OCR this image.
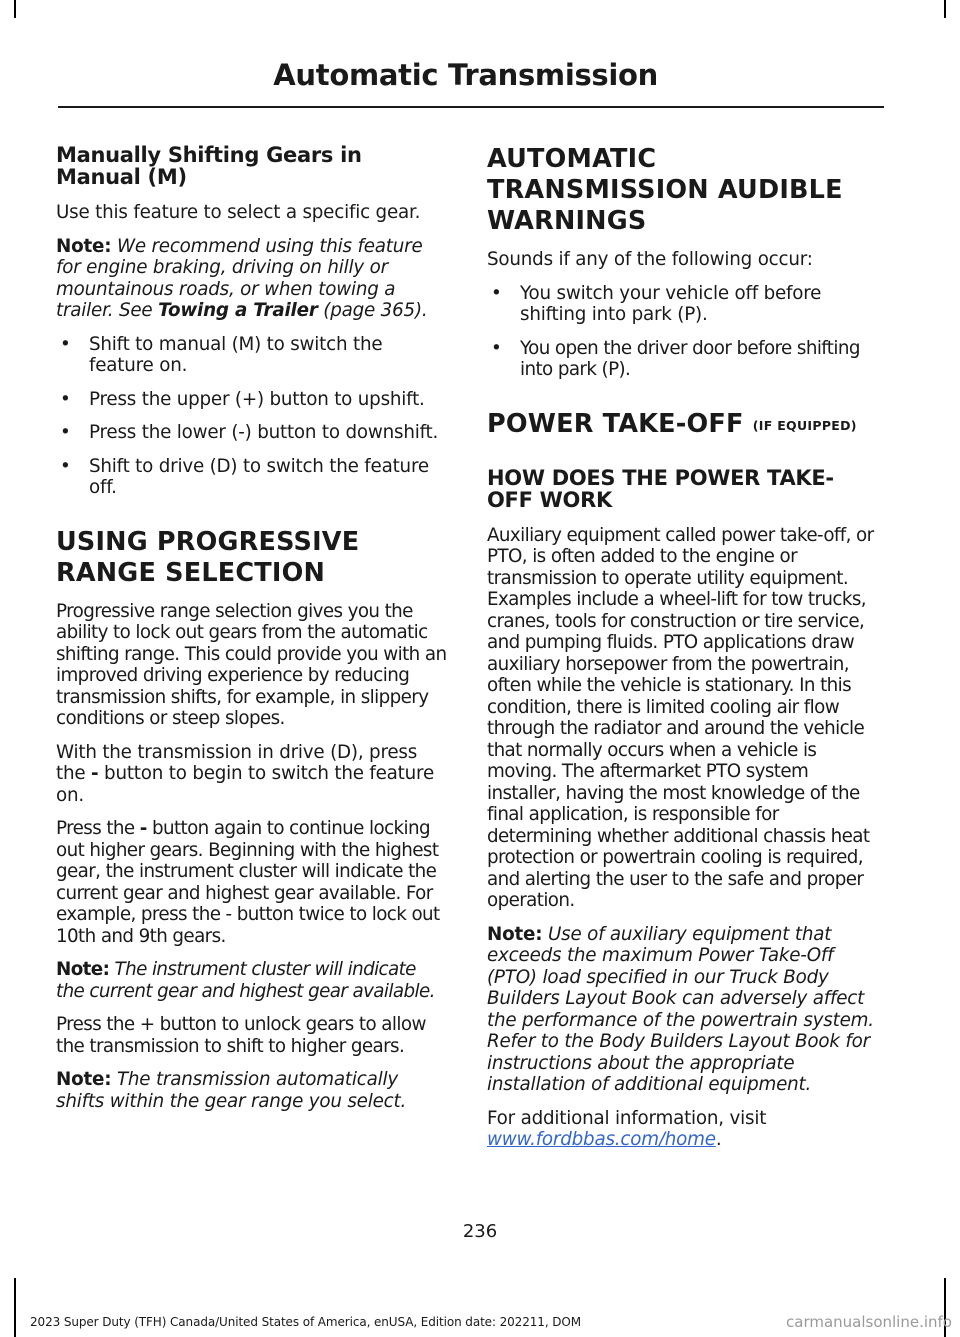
Automatic Transmission
Manually Shifting Gears in Manual (M)

Use this feature to select a specific gear.

Note: We recommend using this feature for engine braking, driving on hilly or mountainous roads, or when towing a trailer. See Towing a Trailer (page 365).

• Shift to manual (M) to switch the feature on.
• Press the upper (+) button to upshift.
• Press the lower (-) button to downshift.
• Shift to drive (D) to switch the feature off.
USING PROGRESSIVE RANGE SELECTION

Progressive range selection gives you the ability to lock out gears from the automatic shifting range. This could provide you with an improved driving experience by reducing transmission shifts, for example, in slippery conditions or steep slopes.

With the transmission in drive (D), press the - button to begin to switch the feature on.

Press the - button again to continue locking out higher gears. Beginning with the highest gear, the instrument cluster will indicate the current gear and highest gear available. For example, press the - button twice to lock out 10th and 9th gears.

Note: The instrument cluster will indicate the current gear and highest gear available.

Press the + button to unlock gears to allow the transmission to shift to higher gears.

Note: The transmission automatically shifts within the gear range you select.

AUTOMATIC TRANSMISSION AUDIBLE WARNINGS

Sounds if any of the following occur:

• You switch your vehicle off before shifting into park (P).
• You open the driver door before shifting into park (P).
POWER TAKE-OFF (IF EQUIPPED)
HOW DOES THE POWER TAKE-OFF WORK

Auxiliary equipment called power take-off, or PTO, is often added to the engine or transmission to operate utility equipment. Examples include a wheel-lift for tow trucks, cranes, tools for construction or tire service, and pumping fluids. PTO applications draw auxiliary horsepower from the powertrain, often while the vehicle is stationary. In this condition, there is limited cooling air flow through the radiator and around the vehicle that normally occurs when a vehicle is moving. The aftermarket PTO system installer, having the most knowledge of the final application, is responsible for determining whether additional chassis heat protection or powertrain cooling is required, and alerting the user to the safe and proper operation.

Note: Use of auxiliary equipment that exceeds the maximum Power Take-Off (PTO) load specified in our Truck Body Builders Layout Book can adversely affect the performance of the powertrain system. Refer to the Body Builders Layout Book for instructions about the appropriate installation of additional equipment.

For additional information, visit www.fordbbas.com/home.

236
2023 Super Duty (TFH) Canada/United States of America, enUSA, Edition date: 202211, DOM	carmanualsonline.info
